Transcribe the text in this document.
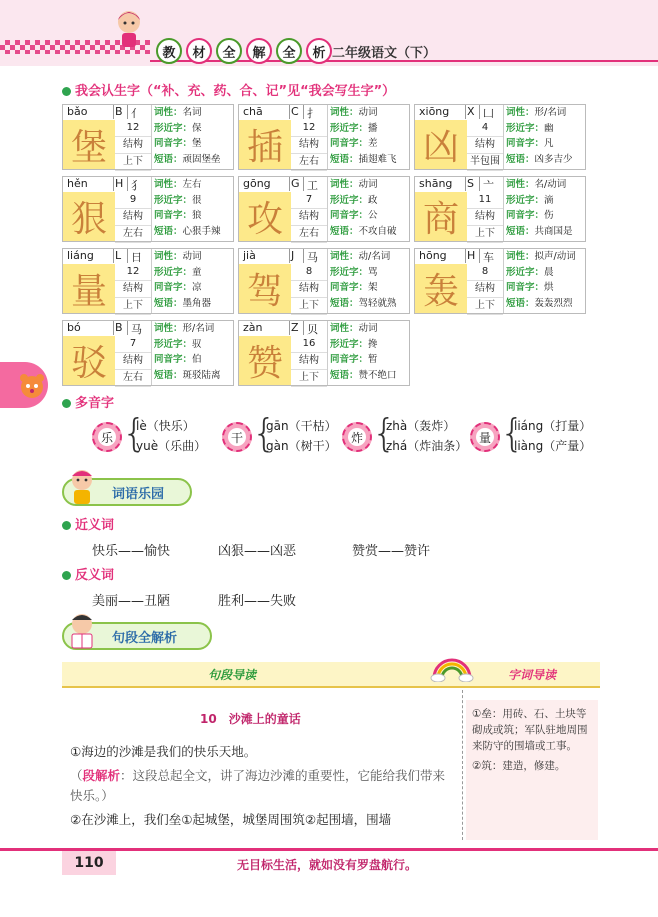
教	材	全	解	全	析 二年级语文（下）
我会认生字（“补、充、药、合、记”见“我会写生字”）
bǎo	B 亻
堡	12
结构
上下
词性：名词
形近字：保
同音字：堡
短语：顽固堡垒
chā	C 扌
插	12
结构
左右
词性：动词
形近字：播
同音字：差
短语：插翅难飞
xiōng X 凵
凶	4
结构
半包围
词性：形/名词
形近字：幽
同音字：凡
短语：凶多吉少
hěn H 犭
狠	9
结构
左右
词性：左右
形近字：很
同音字：狼
短语：心狠手辣
gōng G 工
攻	7
结构
左右
词性：动词
形近字：政
同音字：公
短语：不攻自破
shāng S 亠
商	11
结构
上下
词性：名/动词
形近字：滴
同音字：伤
短语：共商国是
liáng L 日
量	12
结构
上下
词性：动词
形近字：童
同音字：凉
短语：墨角器
jià	J 马
驾	8
结构
上下
词性：动/名词
形近字：骂
同音字：架
短语：驾轻就熟
hōng H 车
轰	8
结构
上下
词性：拟声/动词
形近字：晨
同音字：烘
短语：轰轰烈烈
bó	B 马
驳	7
结构
左右
词性：形/名词
形近字：驭
同音字：伯
短语：斑驳陆离
zàn	Z 贝
赞	16
结构
上下
词性：动词
形近字：搀
同音字：暂
短语：赞不绝口
多音字
乐 {
lè（快乐）
yuè（乐曲）
干 {
gān（干枯）
gàn（树干）
炸 {
zhà（轰炸）
zhá（炸油条）
量 {
liáng（打量）
liàng（产量）
词语乐园
近义词
快乐——愉快	凶狠——凶恶	赞赏——赞许
反义词
美丽——丑陋	胜利——失败
句段全解析
句段导读	字词导读
10　沙滩上的童话
①海边的沙滩是我们的快乐天地。
（段解析：这段总起全文，讲了海边沙滩的重要性，它能给我们带来快乐。）
②在沙滩上，我们垒①起城堡，城堡周围筑②起围墙，围墙
①垒：用砖、石、土块等砌成或筑；军队驻地周围来防守的围墙或工事。
②筑：建造，修建。
110	无目标生活，就如没有罗盘航行。
